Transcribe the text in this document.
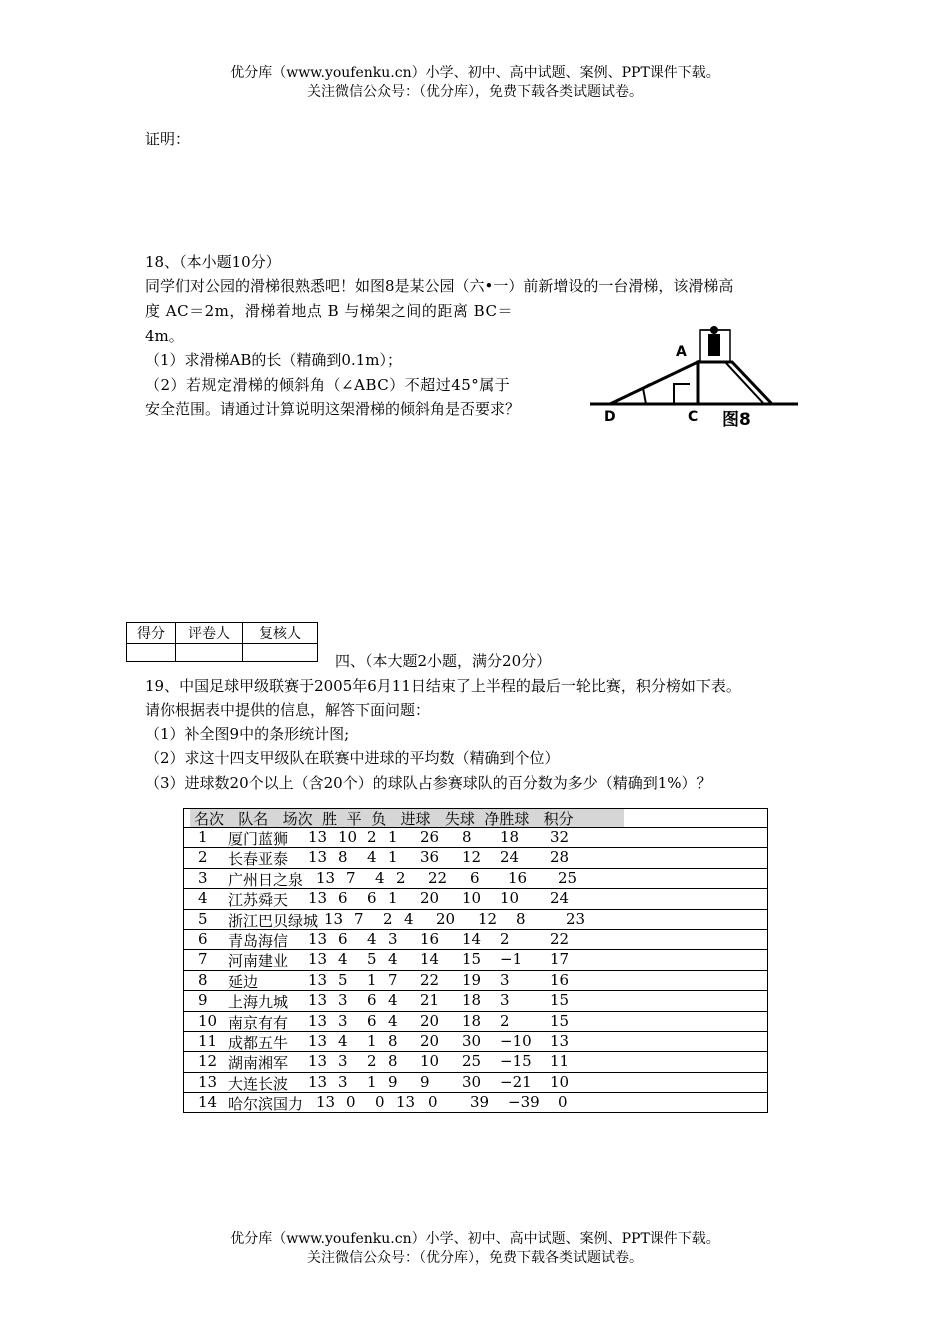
优分库（www.youfenku.cn）小学、初中、高中试题、案例、PPT课件下载。
关注微信公众号：（优分库），免费下载各类试题试卷。
证明：
18、（本小题10分）
同学们对公园的滑梯很熟悉吧！如图8是某公园（六•一）前新增设的一台滑梯，该滑梯高
度 AC＝2m，滑梯着地点 B 与梯架之间的距离 BC＝
4m。
（1）求滑梯AB的长（精确到0.1m）；
（2）若规定滑梯的倾斜角（∠ABC）不超过45°属于
安全范围。请通过计算说明这架滑梯的倾斜角是否要求？
A
D	C 图8
得分	评卷人	复核人

四、（本大题2小题，满分20分）
19、中国足球甲级联赛于2005年6月11日结束了上半程的最后一轮比赛，积分榜如下表。
请你根据表中提供的信息，解答下面问题：
（1）补全图9中的条形统计图;
（2）求这十四支甲级队在联赛中进球的平均数（精确到个位）
（3）进球数20个以上（含20个）的球队占参赛球队的百分数为多少（精确到1%）？
名次   队名   场次  胜  平  负   进球   失球  净胜球   积分
1 厦门蓝狮 13 10 2 1 26 8 18 32
2 长春亚泰 13 8 4 1 36 12 24 28
3 广州日之泉 13 7 4 2 22 6 16 25
4 江苏舜天 13 6 6 1 20 10 10 24
5 浙江巴贝绿城 13 7 2 4 20 12 8	23
6 青岛海信 13 6 4 3 16 14 2	22
7 河南建业 13 4 5 4 14 15 −1 17
8 延边	13 5 1 7 22 19 3	16
9 上海九城 13 3 6 4 21 18 3	15
10 南京有有 13 3 6 4 20 18 2	15
11 成都五牛 13 4 1 8 20 30 −10 13
12 湖南湘军 13 3 2 8 10 25 −15 11
13 大连长波 13 3 1 9 9 30 −21 10
14 哈尔滨国力 13 0 0 13 0 39 −39 0
优分库（www.youfenku.cn）小学、初中、高中试题、案例、PPT课件下载。
关注微信公众号：（优分库），免费下载各类试题试卷。
